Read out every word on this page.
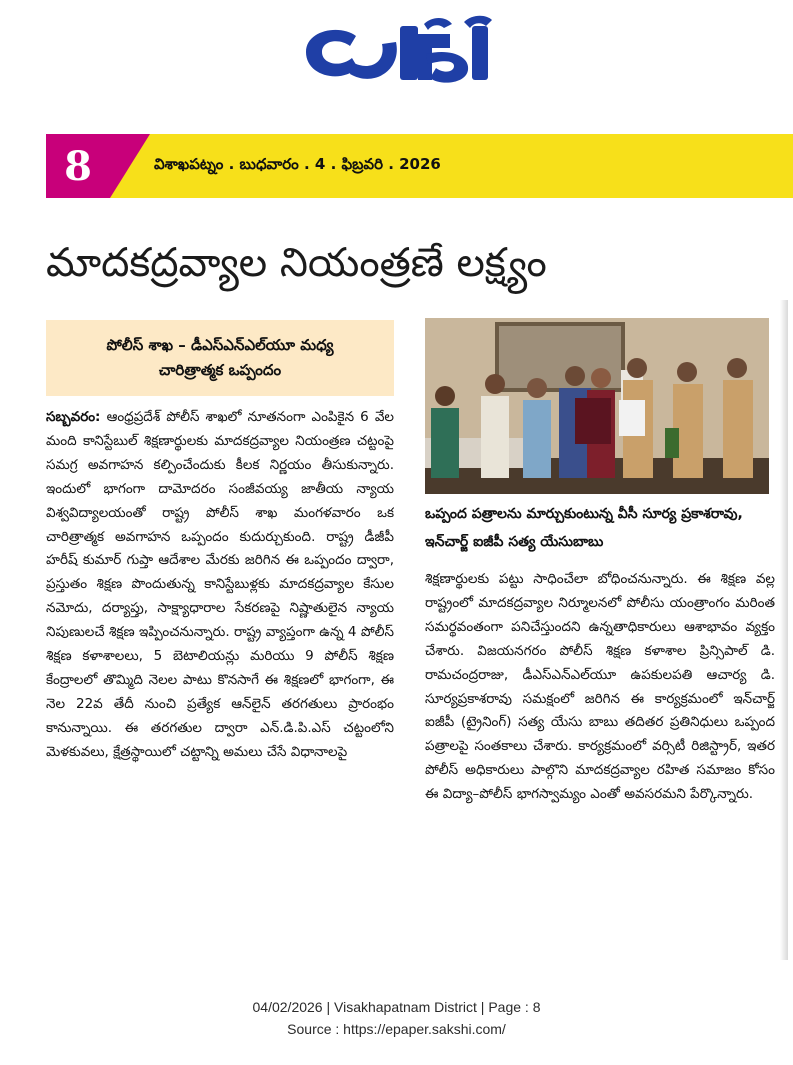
8	విశాఖపట్నం . బుధవారం . 4 . ఫిబ్రవరి . 2026
మాదకద్రవ్యాల నియంత్రణే లక్ష్యం
పోలీస్ శాఖ – డీఎస్ఎన్ఎల్‌యూ మధ్య
చారిత్రాత్మక ఒప్పందం
సబ్బవరం: ఆంధ్రప్రదేశ్ పోలీస్ శాఖలో నూతనంగా ఎంపికైన 6 వేల మంది కానిస్టేబుల్ శిక్షణార్థులకు మాదకద్రవ్యాల నియంత్రణ చట్టంపై సమగ్ర అవగాహన కల్పించేందుకు కీలక నిర్ణయం తీసుకున్నారు. ఇందులో భాగంగా దామోదరం సంజీవయ్య జాతీయ న్యాయ విశ్వవిద్యాలయంతో రాష్ట్ర పోలీస్ శాఖ మంగళవారం ఒక చారిత్రాత్మక అవగాహన ఒప్పందం కుదుర్చుకుంది. రాష్ట్ర డీజీపీ హరీష్ కుమార్ గుప్తా ఆదేశాల మేరకు జరిగిన ఈ ఒప్పందం ద్వారా, ప్రస్తుతం శిక్షణ పొందుతున్న కానిస్టేబుళ్లకు మాదకద్రవ్యాల కేసుల నమోదు, దర్యాప్తు, సాక్ష్యాధారాల సేకరణపై నిష్ణాతులైన న్యాయ నిపుణులచే శిక్షణ ఇప్పించనున్నారు. రాష్ట్ర వ్యాప్తంగా ఉన్న 4 పోలీస్ శిక్షణ కళాశాలలు, 5 బెటాలియన్లు మరియు 9 పోలీస్ శిక్షణ కేంద్రాలలో తొమ్మిది నెలల పాటు కొనసాగే ఈ శిక్షణలో భాగంగా, ఈ నెల 22వ తేదీ నుంచి ప్రత్యేక ఆన్‌లైన్ తరగతులు ప్రారంభం కానున్నాయి. ఈ తరగతుల ద్వారా ఎన్.డి.పి.ఎస్ చట్టంలోని మెళకువలు, క్షేత్రస్థాయిలో చట్టాన్ని అమలు చేసే విధానాలపై
ఒప్పంద పత్రాలను మార్చుకుంటున్న వీసీ సూర్య ప్రకాశరావు, ఇన్‌చార్జ్ ఐజీపీ సత్య యేసుబాబు
శిక్షణార్థులకు పట్టు సాధించేలా బోధించనున్నారు. ఈ శిక్షణ వల్ల రాష్ట్రంలో మాదకద్రవ్యాల నిర్మూలనలో పోలీసు యంత్రాంగం మరింత సమర్థవంతంగా పనిచేస్తుందని ఉన్నతాధికారులు ఆశాభావం వ్యక్తం చేశారు. విజయనగరం పోలీస్ శిక్షణ కళాశాల ప్రిన్సిపాల్ డి. రామచంద్రరాజు, డీఎస్ఎన్ఎల్‌యూ ఉపకులపతి ఆచార్య డి. సూర్యప్రకాశరావు సమక్షంలో జరిగిన ఈ కార్యక్రమంలో ఇన్‌చార్జ్ ఐజీపీ (ట్రైనింగ్) సత్య యేసు బాబు తదితర ప్రతినిధులు ఒప్పంద పత్రాలపై సంతకాలు చేశారు. కార్యక్రమంలో వర్సిటీ రిజిస్ట్రార్, ఇతర పోలీస్ అధికారులు పాల్గొని మాదకద్రవ్యాల రహిత సమాజం కోసం ఈ విద్యా–పోలీస్ భాగస్వామ్యం ఎంతో అవసరమని పేర్కొన్నారు.
04/02/2026 | Visakhapatnam District | Page : 8
Source : https://epaper.sakshi.com/
